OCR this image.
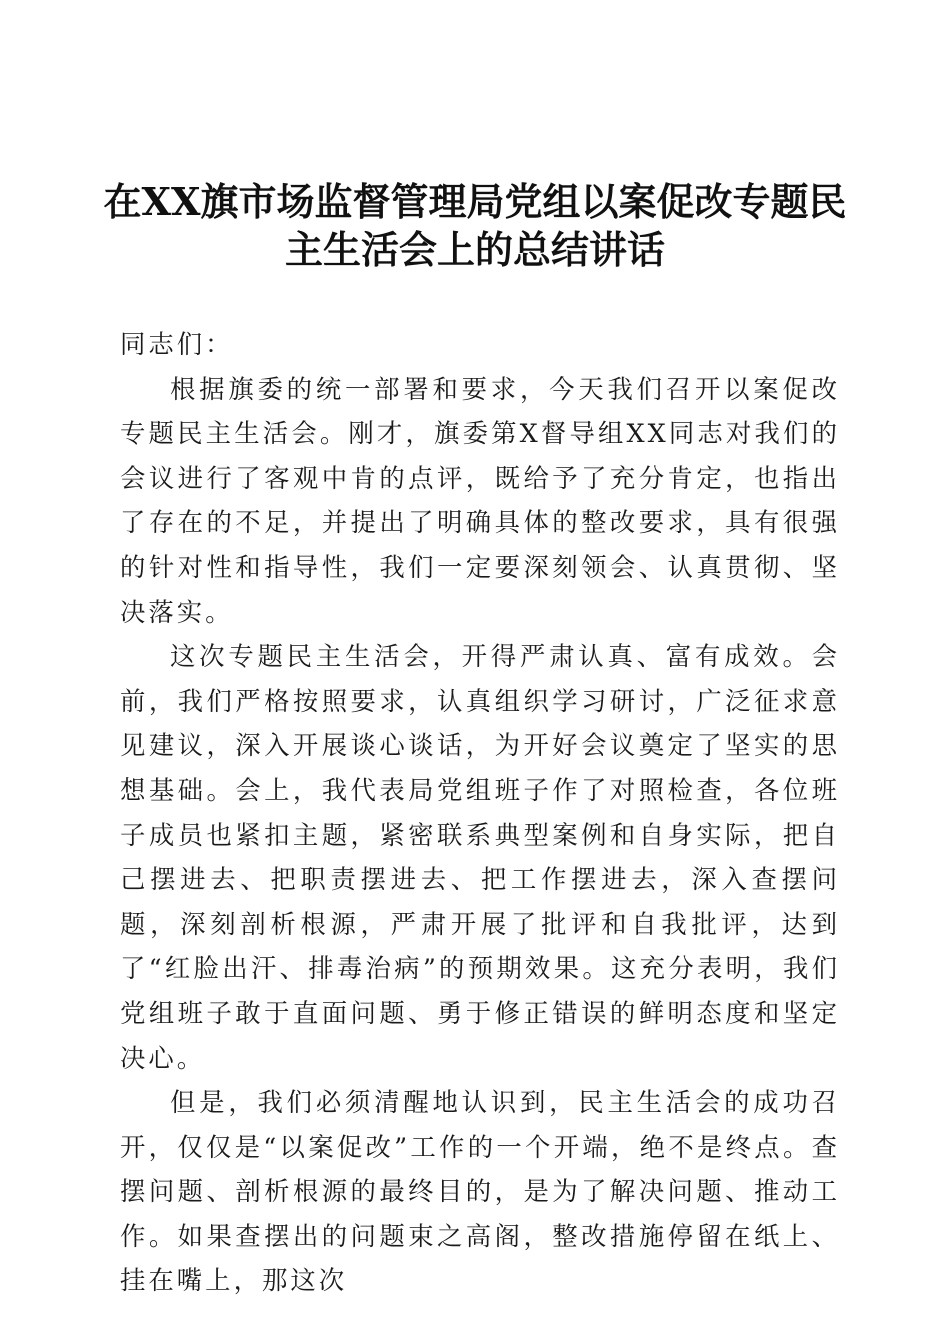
在XX旗市场监督管理局党组以案促改专题民主生活会上的总结讲话

同志们：

根据旗委的统一部署和要求，今天我们召开以案促改专题民主生活会。刚才，旗委第X督导组XX同志对我们的会议进行了客观中肯的点评，既给予了充分肯定，也指出了存在的不足，并提出了明确具体的整改要求，具有很强的针对性和指导性，我们一定要深刻领会、认真贯彻、坚决落实。

这次专题民主生活会，开得严肃认真、富有成效。会前，我们严格按照要求，认真组织学习研讨，广泛征求意见建议，深入开展谈心谈话，为开好会议奠定了坚实的思想基础。会上，我代表局党组班子作了对照检查，各位班子成员也紧扣主题，紧密联系典型案例和自身实际，把自己摆进去、把职责摆进去、把工作摆进去，深入查摆问题，深刻剖析根源，严肃开展了批评和自我批评，达到了“红脸出汗、排毒治病”的预期效果。这充分表明，我们党组班子敢于直面问题、勇于修正错误的鲜明态度和坚定决心。

但是，我们必须清醒地认识到，民主生活会的成功召开，仅仅是“以案促改”工作的一个开端，绝不是终点。查摆问题、剖析根源的最终目的，是为了解决问题、推动工作。如果查摆出的问题束之高阁，整改措施停留在纸上、挂在嘴上，那这次
